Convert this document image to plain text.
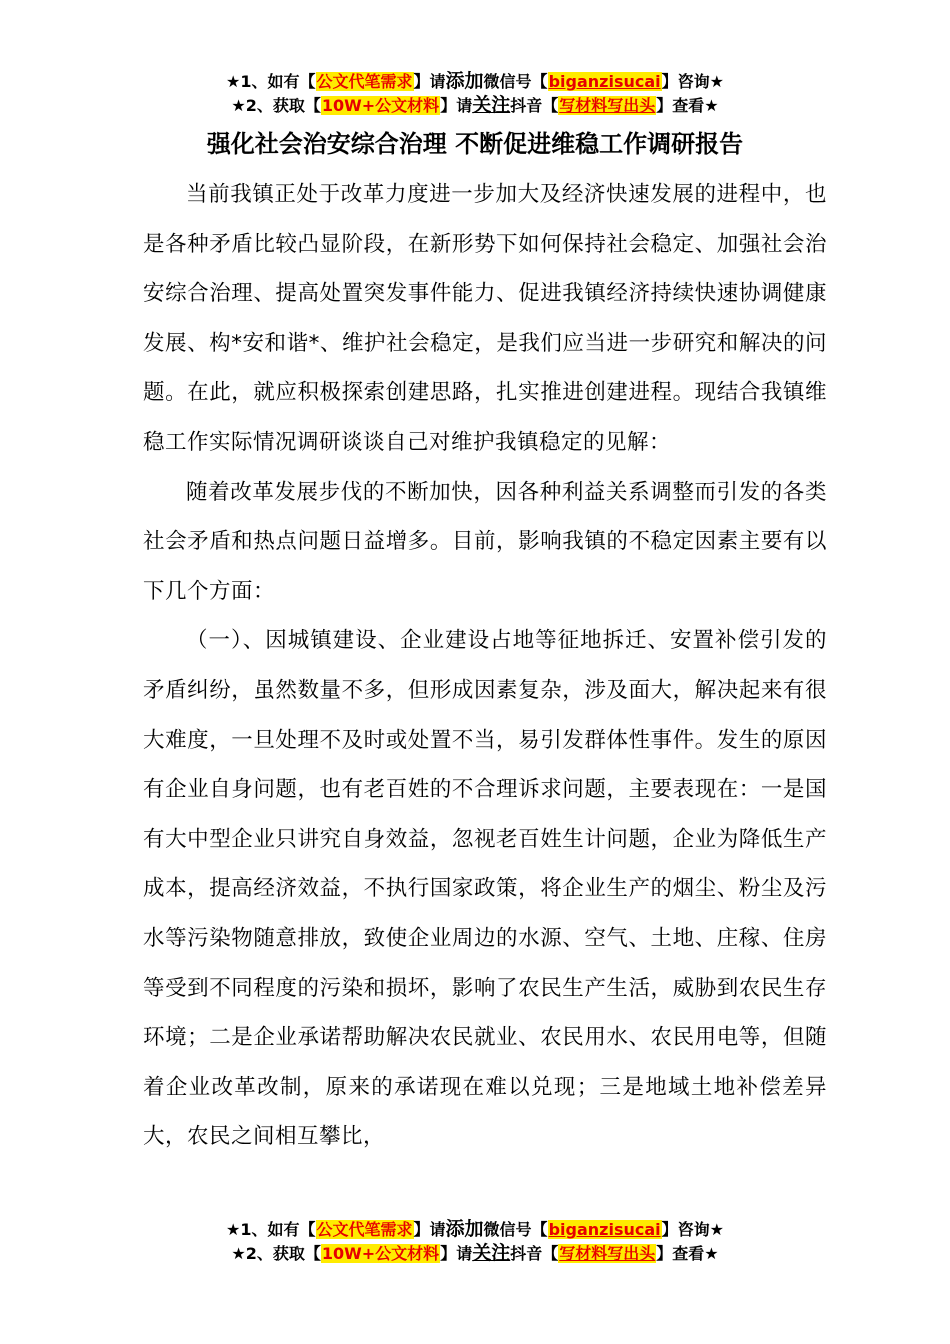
★1、如有【公文代笔需求】请添加微信号【biganzisucai】咨询★
★2、获取【10W+公文材料】请关注抖音【写材料写出头】查看★
强化社会治安综合治理 不断促进维稳工作调研报告

当前我镇正处于改革力度进一步加大及经济快速发展的进程中，也是各种矛盾比较凸显阶段，在新形势下如何保持社会稳定、加强社会治安综合治理、提高处置突发事件能力、促进我镇经济持续快速协调健康发展、构*安和谐*、维护社会稳定，是我们应当进一步研究和解决的问题。在此，就应积极探索创建思路，扎实推进创建进程。现结合我镇维稳工作实际情况调研谈谈自己对维护我镇稳定的见解：

随着改革发展步伐的不断加快，因各种利益关系调整而引发的各类社会矛盾和热点问题日益增多。目前，影响我镇的不稳定因素主要有以下几个方面：

（一）、因城镇建设、企业建设占地等征地拆迁、安置补偿引发的矛盾纠纷，虽然数量不多，但形成因素复杂，涉及面大，解决起来有很大难度，一旦处理不及时或处置不当，易引发群体性事件。发生的原因有企业自身问题，也有老百姓的不合理诉求问题，主要表现在：一是国有大中型企业只讲究自身效益，忽视老百姓生计问题，企业为降低生产成本，提高经济效益，不执行国家政策，将企业生产的烟尘、粉尘及污水等污染物随意排放，致使企业周边的水源、空气、土地、庄稼、住房等受到不同程度的污染和损坏，影响了农民生产生活，威胁到农民生存环境；二是企业承诺帮助解决农民就业、农民用水、农民用电等，但随着企业改革改制，原来的承诺现在难以兑现；三是地域土地补偿差异大，农民之间相互攀比，

★1、如有【公文代笔需求】请添加微信号【biganzisucai】咨询★
★2、获取【10W+公文材料】请关注抖音【写材料写出头】查看★
